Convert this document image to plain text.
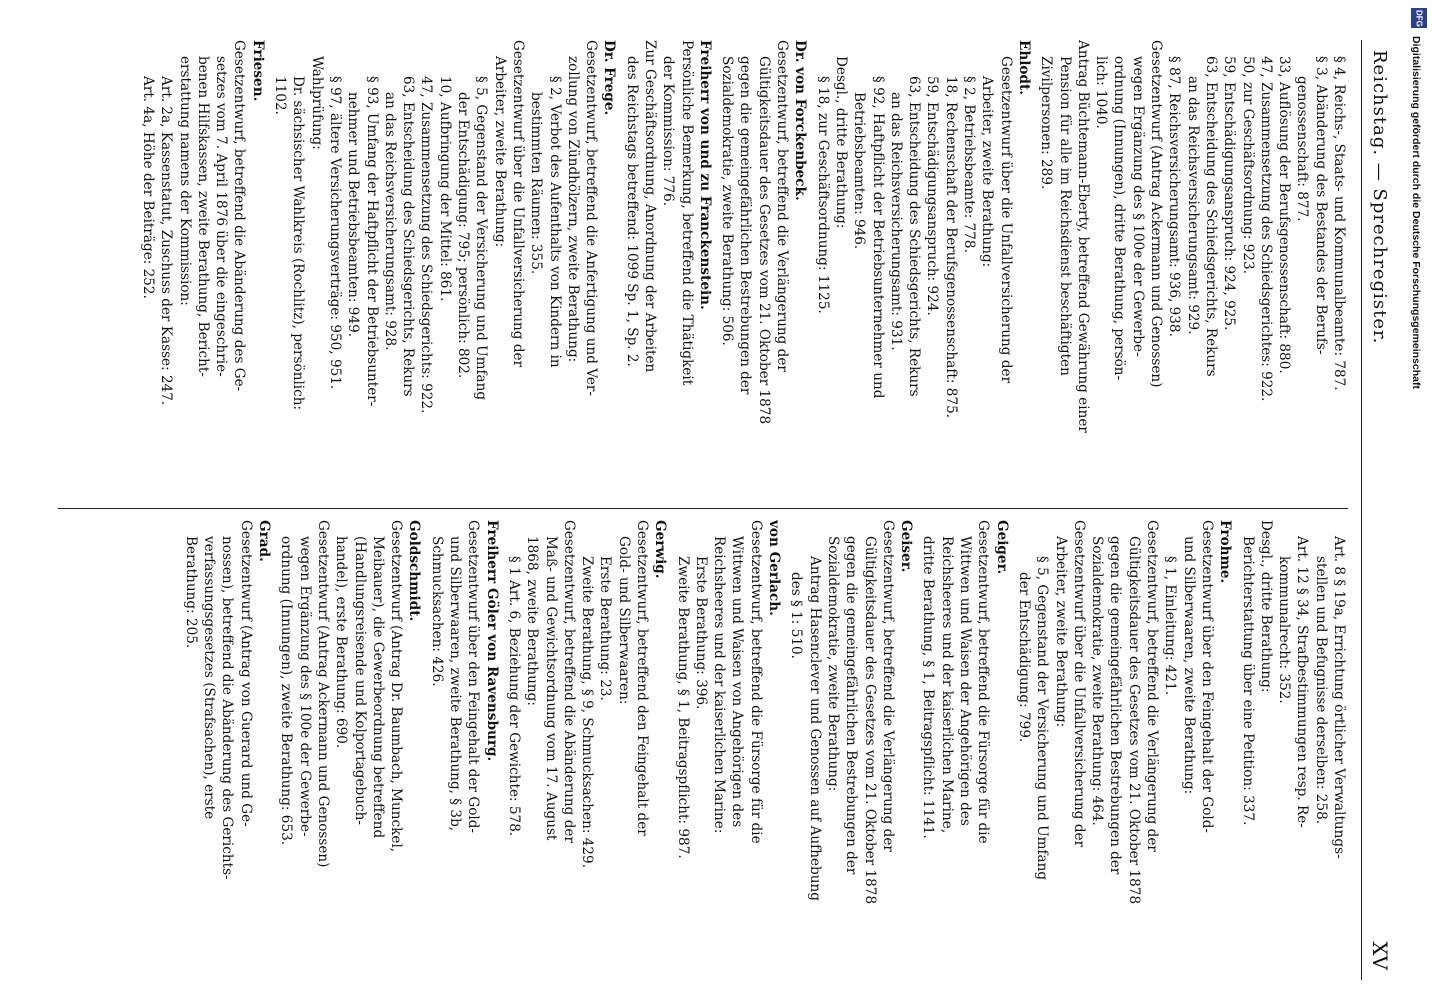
Reichstag. — Sprechregister.
XV
§ 4, Reichs-, Staats- und Kommunalbeamte: 787.
§ 3, Abänderung des Bestandes der Berufs-
genossenschaft: 877.
33, Auflösung der Berufsgenossenschaft: 880.
47, Zusammensetzung des Schiedsgerichtes: 922.
50, zur Geschäftsordnung: 923.
59, Entschädigungsanspruch: 924, 925.
63, Entscheidung des Schiedsgerichts, Rekurs
an das Reichsversicherungsamt: 929.
§ 87, Reichsversicherungsamt: 936, 938.
Gesetzentwurf (Antrag Ackermann und Genossen)
wegen Ergänzung des § 100e der Gewerbe-
ordnung (Innungen), dritte Berathung, persön-
lich: 1040.
Antrag Büchtemann-Eberty, betreffend Gewährung einer
Pension für alle im Reichsdienst beschäftigten
Zivilpersonen: 289.
Ehlodt.
Gesetzentwurf über die Unfallversicherung der
Arbeiter, zweite Berathung:
§ 2, Betriebsbeamte: 778.
18, Rechenschaft der Berufsgenossenschaft: 875.
59, Entschädigungsanspruch: 924.
63, Entscheidung des Schiedsgerichts, Rekurs
an das Reichsversicherungsamt: 931.
§ 92, Haftpflicht der Betriebsunternehmer und
Betriebsbeamten: 946.
Desgl., dritte Berathung:
§ 18, zur Geschäftsordnung: 1125.
Dr. von Forckenbeck.
Gesetzentwurf, betreffend die Verlängerung der
Gültigkeitsdauer des Gesetzes vom 21. Oktober 1878
gegen die gemeingefährlichen Bestrebungen der
Sozialdemokratie, zweite Berathung: 506.
Freiherr von und zu Franckenstein.
Persönliche Bemerkung, betreffend die Thätigkeit
der Kommission: 776.
Zur Geschäftsordnung, Anordnung der Arbeiten
des Reichstags betreffend: 1099 Sp. 1, Sp. 2.
Dr. Frege.
Gesetzentwurf, betreffend die Anfertigung und Ver-
zollung von Zündhölzern, zweite Berathung:
§ 2, Verbot des Aufenthalts von Kindern in
bestimmten Räumen: 355.
Gesetzentwurf über die Unfallversicherung der
Arbeiter, zweite Berathung:
§ 5, Gegenstand der Versicherung und Umfang
der Entschädigung: 795; persönlich: 802.
10, Aufbringung der Mittel: 861.
47, Zusammensetzung des Schiedsgerichts: 922.
63, Entscheidung des Schiedsgerichts, Rekurs
an das Reichsversicherungsamt: 928.
§ 93, Umfang der Haftpflicht der Betriebsunter-
nehmer und Betriebsbeamten: 949.
§ 97, ältere Versicherungsverträge: 950, 951.
Wahlprüfung:
Dr. sächsischer Wahlkreis (Rochlitz), persönlich:
1102.
Friesen.
Gesetzentwurf, betreffend die Abänderung des Ge-
setzes vom 7. April 1876 über die eingeschrie-
benen Hilfskassen, zweite Berathung, Bericht-
erstattung namens der Kommission:
Art. 2a, Kassenstatut, Zuschuss der Kasse: 247.
Art. 4a, Höhe der Beiträge: 252.
Art. 8 § 19a, Errichtung örtlicher Verwaltungs-
stellen und Befugnisse derselben: 258.
Art. 12 § 34, Strafbestimmungen resp. Re-
kommunalrecht: 352.
Desgl., dritte Berathung:
Berichterstattung über eine Petition: 337.
Frohme.
Gesetzentwurf über den Feingehalt der Gold-
und Silberwaaren, zweite Berathung:
§ 1, Einleitung: 421.
Gesetzentwurf, betreffend die Verlängerung der
Gültigkeitsdauer des Gesetzes vom 21. Oktober 1878
gegen die gemeingefährlichen Bestrebungen der
Sozialdemokratie, zweite Berathung: 464.
Gesetzentwurf über die Unfallversicherung der
Arbeiter, zweite Berathung:
§ 5, Gegenstand der Versicherung und Umfang
der Entschädigung: 799.
Geiger.
Gesetzentwurf, betreffend die Fürsorge für die
Wittwen und Waisen der Angehörigen des
Reichsheeres und der kaiserlichen Marine,
dritte Berathung, § 1, Beitragspflicht: 1141.
Geiser.
Gesetzentwurf, betreffend die Verlängerung der
Gültigkeitsdauer des Gesetzes vom 21. Oktober 1878
gegen die gemeingefährlichen Bestrebungen der
Sozialdemokratie, zweite Berathung:
Antrag Hasenclever und Genossen auf Aufhebung
des § 1: 510.
von Gerlach.
Gesetzentwurf, betreffend die Fürsorge für die
Wittwen und Waisen von Angehörigen des
Reichsheeres und der kaiserlichen Marine:
Erste Berathung: 396.
Zweite Berathung, § 1, Beitragspflicht: 987.
Gerwig.
Gesetzentwurf, betreffend den Feingehalt der
Gold- und Silberwaaren:
Erste Berathung: 23.
Zweite Berathung, § 9, Schmucksachen: 429.
Gesetzentwurf, betreffend die Abänderung der
Maß- und Gewichtsordnung vom 17. August
1868, zweite Berathung:
§ 1 Art. 6, Beziehung der Gewichte: 578.
Freiherr Göler von Ravensburg.
Gesetzentwurf über den Feingehalt der Gold-
und Silberwaaren, zweite Berathung, § 3b,
Schmucksachen: 426.
Goldschmidt.
Gesetzentwurf (Antrag Dr. Baumbach, Munckel,
Meibauer), die Gewerbeordnung betreffend
(Handlungsreisende und Kolportagebuch-
handel), erste Berathung: 690.
Gesetzentwurf (Antrag Ackermann und Genossen)
wegen Ergänzung des § 100e der Gewerbe-
ordnung (Innungen), zweite Berathung: 653.
Grad.
Gesetzentwurf (Antrag von Guerard und Ge-
nossen), betreffend die Abänderung des Gerichts-
verfassungsgesetzes (Strafsachen), erste
Berathung: 205.
DFG
Digitalisierung gefördert durch die Deutsche Forschungsgemeinschaft
